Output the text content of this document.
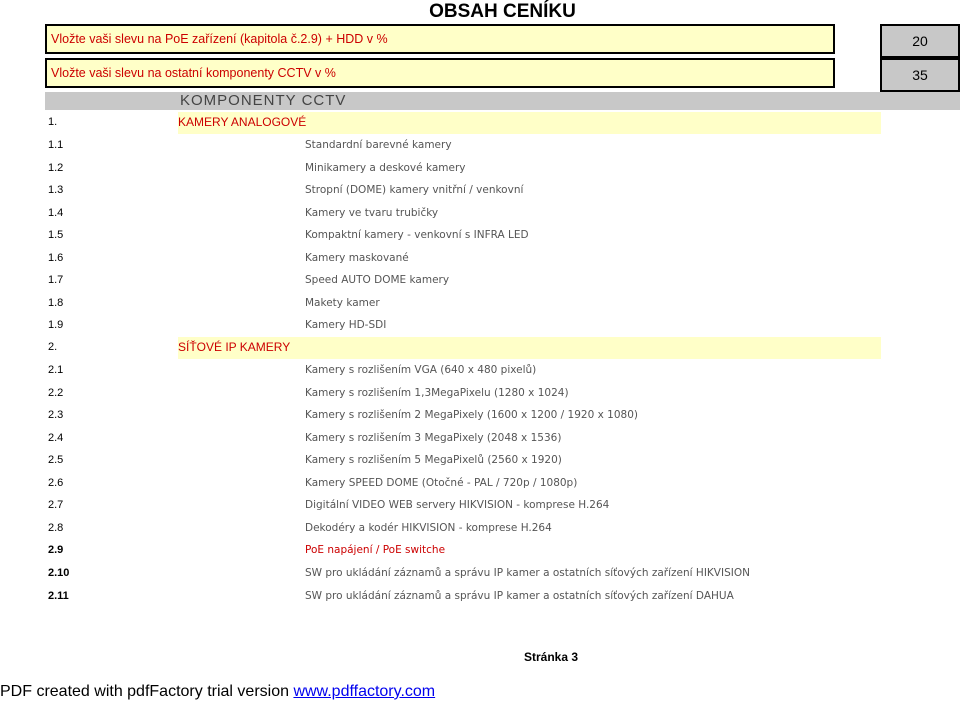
OBSAH CENÍKU
Vložte vaši slevu na PoE zařízení (kapitola č.2.9) + HDD v %	20
Vložte vaši slevu na ostatní komponenty CCTV v %	35
KOMPONENTY CCTV
1.	KAMERY ANALOGOVÉ
1.1	Standardní barevné kamery
1.2	Minikamery a deskové kamery
1.3	Stropní (DOME) kamery vnitřní / venkovní
1.4	Kamery ve tvaru trubičky
1.5	Kompaktní kamery - venkovní s INFRA LED
1.6	Kamery maskované
1.7	Speed AUTO DOME kamery
1.8	Makety kamer
1.9	Kamery HD-SDI
2.	SÍŤOVÉ IP KAMERY
2.1	Kamery s rozlišením VGA (640 x 480 pixelů)
2.2	Kamery s rozlišením 1,3MegaPixelu (1280 x 1024)
2.3	Kamery s rozlišením 2 MegaPixely (1600 x 1200 / 1920 x 1080)
2.4	Kamery s rozlišením 3 MegaPixely (2048 x 1536)
2.5	Kamery s rozlišením 5 MegaPixelů (2560 x 1920)
2.6	Kamery SPEED DOME (Otočné - PAL / 720p / 1080p)
2.7	Digitální VIDEO WEB servery HIKVISION - komprese H.264
2.8	Dekodéry a kodér HIKVISION - komprese H.264
2.9	PoE napájení / PoE switche
2.10	SW pro ukládání záznamů a správu IP kamer a ostatních síťových zařízení HIKVISION
2.11	SW pro ukládání záznamů a správu IP kamer a ostatních síťových zařízení DAHUA
Stránka 3
PDF created with pdfFactory trial version www.pdffactory.com
